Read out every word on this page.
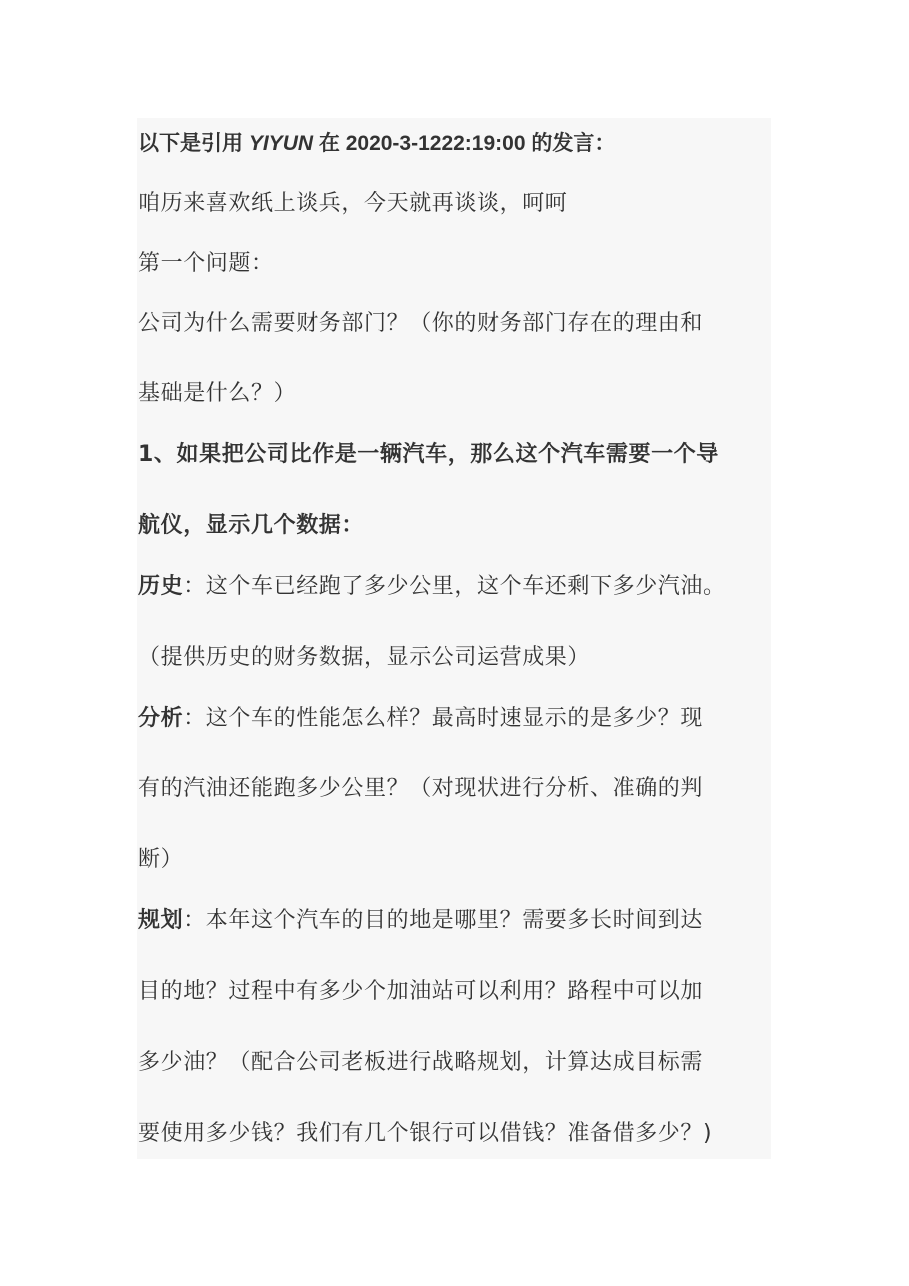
以下是引用 YIYUN 在 2020-3-1222:19:00 的发言：
咱历来喜欢纸上谈兵，今天就再谈谈，呵呵
第一个问题：
公司为什么需要财务部门？（你的财务部门存在的理由和
基础是什么？）
1、如果把公司比作是一辆汽车，那么这个汽车需要一个导
航仪，显示几个数据：
历史：这个车已经跑了多少公里，这个车还剩下多少汽油。
（提供历史的财务数据，显示公司运营成果）
分析：这个车的性能怎么样？最高时速显示的是多少？现
有的汽油还能跑多少公里？（对现状进行分析、准确的判
断）
规划：本年这个汽车的目的地是哪里？需要多长时间到达
目的地？过程中有多少个加油站可以利用？路程中可以加
多少油？（配合公司老板进行战略规划，计算达成目标需
要使用多少钱？我们有几个银行可以借钱？准备借多少？)
